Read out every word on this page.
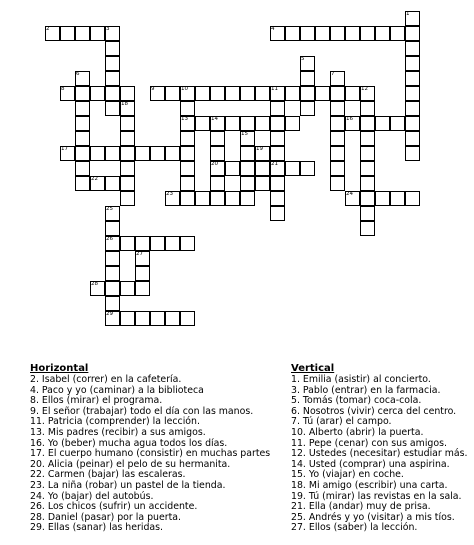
1
2	3	4
5
6	7
8	9	10	11	12
13	14
15
16
17
18
19
20	21
22
23	24
25
26
27
28
29
Horizontal
2. Isabel (correr) en la cafetería.
4. Paco y yo (caminar) a la biblioteca
8. Ellos (mirar) el programa.
9. El señor (trabajar) todo el día con las manos.
11. Patricia (comprender) la lección.
13. Mis padres (recibir) a sus amigos.
16. Yo (beber) mucha agua todos los días.
17. El cuerpo humano (consistir) en muchas partes
20. Alicia (peinar) el pelo de su hermanita.
22. Carmen (bajar) las escaleras.
23. La niña (robar) un pastel de la tienda.
24. Yo (bajar) del autobús.
26. Los chicos (sufrir) un accidente.
28. Daniel (pasar) por la puerta.
29. Ellas (sanar) las heridas.
Vertical
1. Emilia (asistir) al concierto.
3. Pablo (entrar) en la farmacia.
5. Tomás (tomar) coca-cola.
6. Nosotros (vivir) cerca del centro.
7. Tú (arar) el campo.
10. Alberto (abrir) la puerta.
11. Pepe (cenar) con sus amigos.
12. Ustedes (necesitar) estudiar más.
14. Usted (comprar) una aspirina.
15. Yo (viajar) en coche.
18. Mi amigo (escribir) una carta.
19. Tú (mirar) las revistas en la sala.
21. Ella (andar) muy de prisa.
25. Andrés y yo (visitar) a mis tíos.
27. Ellos (saber) la lección.
